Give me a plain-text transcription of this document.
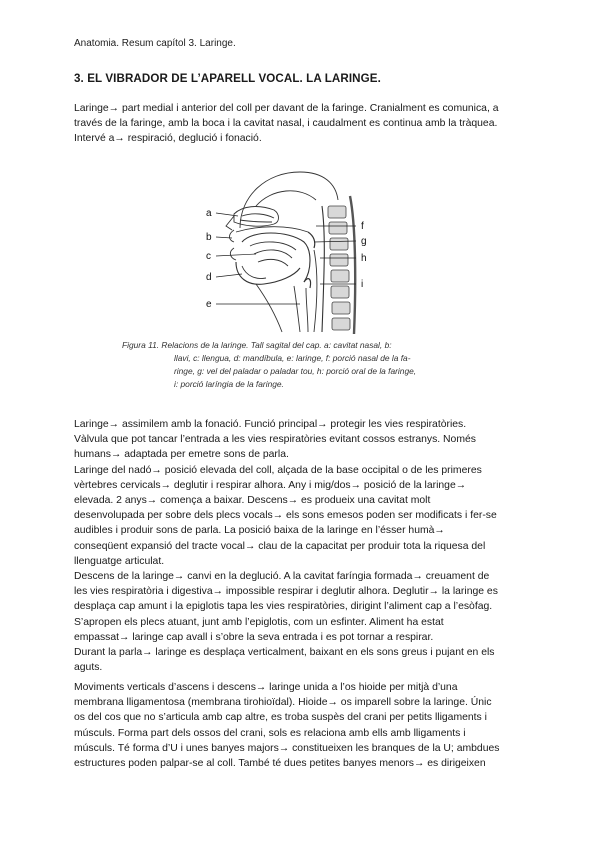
Anatomia. Resum capítol 3. Laringe.
3. EL VIBRADOR DE L’APARELL VOCAL. LA LARINGE.
Laringe→ part medial i anterior del coll per davant de la faringe. Cranialment es comunica, a
través de la faringe, amb la boca i la cavitat nasal, i caudalment es continua amb la tràquea.
Intervé a→ respiració, deglució i fonació.
a
b
c
d
e
f
g
h
i
Figura 11. Relacions de la laringe. Tall sagital del cap. a: cavitat nasal, b:
llavi, c: llengua, d: mandíbula, e: laringe, f: porció nasal de la fa-
ringe, g: vel del paladar o paladar tou, h: porció oral de la faringe,
i: porció laríngia de la faringe.
Laringe→ assimilem amb la fonació. Funció principal→ protegir les vies respiratòries.
Vàlvula que pot tancar l’entrada a les vies respiratòries evitant cossos estranys. Només
humans→ adaptada per emetre sons de parla.
Laringe del nadó→ posició elevada del coll, alçada de la base occipital o de les primeres
vèrtebres cervicals→ deglutir i respirar alhora. Any i mig/dos→ posició de la laringe→
elevada. 2 anys→ comença a baixar. Descens→ es produeix una cavitat molt
desenvolupada per sobre dels plecs vocals→ els sons emesos poden ser modificats i fer-se
audibles i produir sons de parla. La posició baixa de la laringe en l’ésser humà→
conseqüent expansió del tracte vocal→ clau de la capacitat per produir tota la riquesa del
llenguatge articulat.
Descens de la laringe→ canvi en la deglució. A la cavitat faríngia formada→ creuament de
les vies respiratòria i digestiva→ impossible respirar i deglutir alhora. Deglutir→ la laringe es
desplaça cap amunt i la epiglotis tapa les vies respiratòries, dirigint l’aliment cap a l’esòfag.
S’apropen els plecs atuant, junt amb l’epiglotis, com un esfinter. Aliment ha estat
empassat→ laringe cap avall i s’obre la seva entrada i es pot tornar a respirar.
Durant la parla→ laringe es desplaça verticalment, baixant en els sons greus i pujant en els
aguts.
Moviments verticals d’ascens i descens→ laringe unida a l’os hioide per mitjà d’una
membrana lligamentosa (membrana tirohioïdal). Hioide→ os imparell sobre la laringe. Únic
os del cos que no s’articula amb cap altre, es troba suspès del crani per petits lligaments i
músculs. Forma part dels ossos del crani, sols es relaciona amb ells amb lligaments i
músculs. Té forma d’U i unes banyes majors→ constitueixen les branques de la U; ambdues
estructures poden palpar-se al coll. També té dues petites banyes menors→ es dirigeixen
